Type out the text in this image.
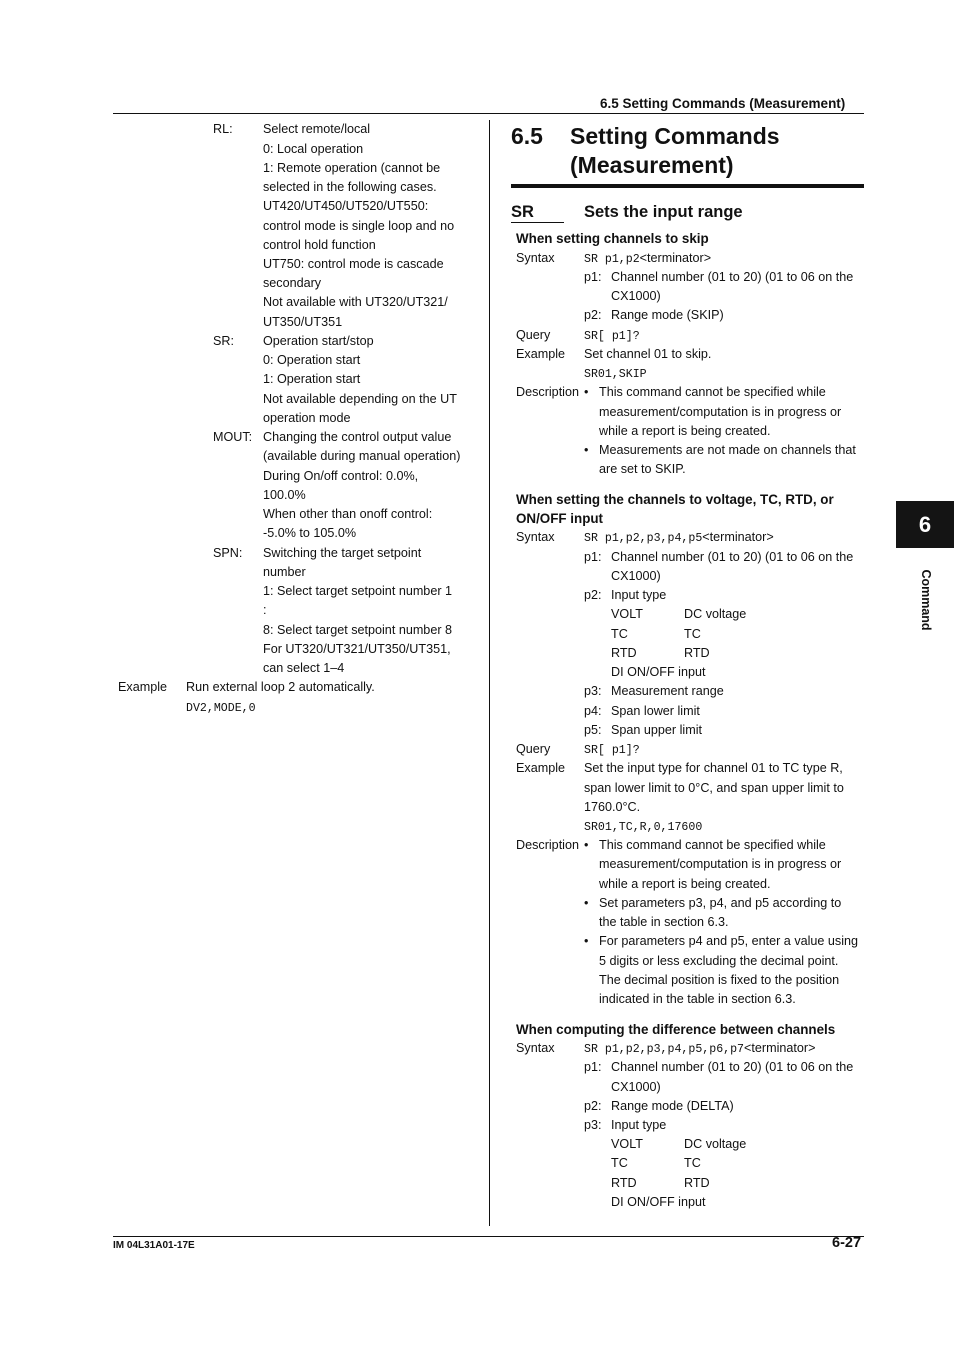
6.5 Setting Commands (Measurement)
6
Command
RL: Select remote/local
0: Local operation
1: Remote operation (cannot be
selected in the following cases.
UT420/UT450/UT520/UT550:
control mode is single loop and no
control hold function
UT750: control mode is cascade
secondary
Not available with UT320/UT321/
UT350/UT351
SR: Operation start/stop
0: Operation start
1: Operation start
Not available depending on the UT
operation mode
MOUT: Changing the control output value
(available during manual operation)
During On/off control: 0.0%,
100.0%
When other than onoff control:
-5.0% to 105.0%
SPN: Switching the target setpoint
number
1: Select target setpoint number 1
:
8: Select target setpoint number 8
For UT320/UT321/UT350/UT351,
can select 1–4
Example Run external loop 2 automatically.
DV2,MODE,0
6.5 Setting Commands
(Measurement)
SR	Sets the input range
When setting channels to skip
Syntax	SR p1,p2<terminator>
p1: Channel number (01 to 20) (01 to 06 on the
CX1000)
p2: Range mode (SKIP)
Query	SR[ p1]?
Example Set channel 01 to skip.
SR01,SKIP
Description • This command cannot be specified while
measurement/computation is in progress or
while a report is being created.
• Measurements are not made on channels that
are set to SKIP.
When setting the channels to voltage, TC, RTD, or
ON/OFF input
Syntax	SR p1,p2,p3,p4,p5<terminator>
p1: Channel number (01 to 20) (01 to 06 on the
CX1000)
p2: Input type
VOLT	DC voltage
TC	TC
RTD	RTD
DI ON/OFF input
p3: Measurement range
p4: Span lower limit
p5: Span upper limit
Query	SR[ p1]?
Example Set the input type for channel 01 to TC type R,
span lower limit to 0°C, and span upper limit to
1760.0°C.
SR01,TC,R,0,17600
Description • This command cannot be specified while
measurement/computation is in progress or
while a report is being created.
• Set parameters p3, p4, and p5 according to
the table in section 6.3.
• For parameters p4 and p5, enter a value using
5 digits or less excluding the decimal point.
The decimal position is fixed to the position
indicated in the table in section 6.3.
When computing the difference between channels
Syntax	SR p1,p2,p3,p4,p5,p6,p7<terminator>
p1: Channel number (01 to 20) (01 to 06 on the
CX1000)
p2: Range mode (DELTA)
p3: Input type
VOLT	DC voltage
TC	TC
RTD	RTD
DI ON/OFF input
IM 04L31A01-17E	6-27
